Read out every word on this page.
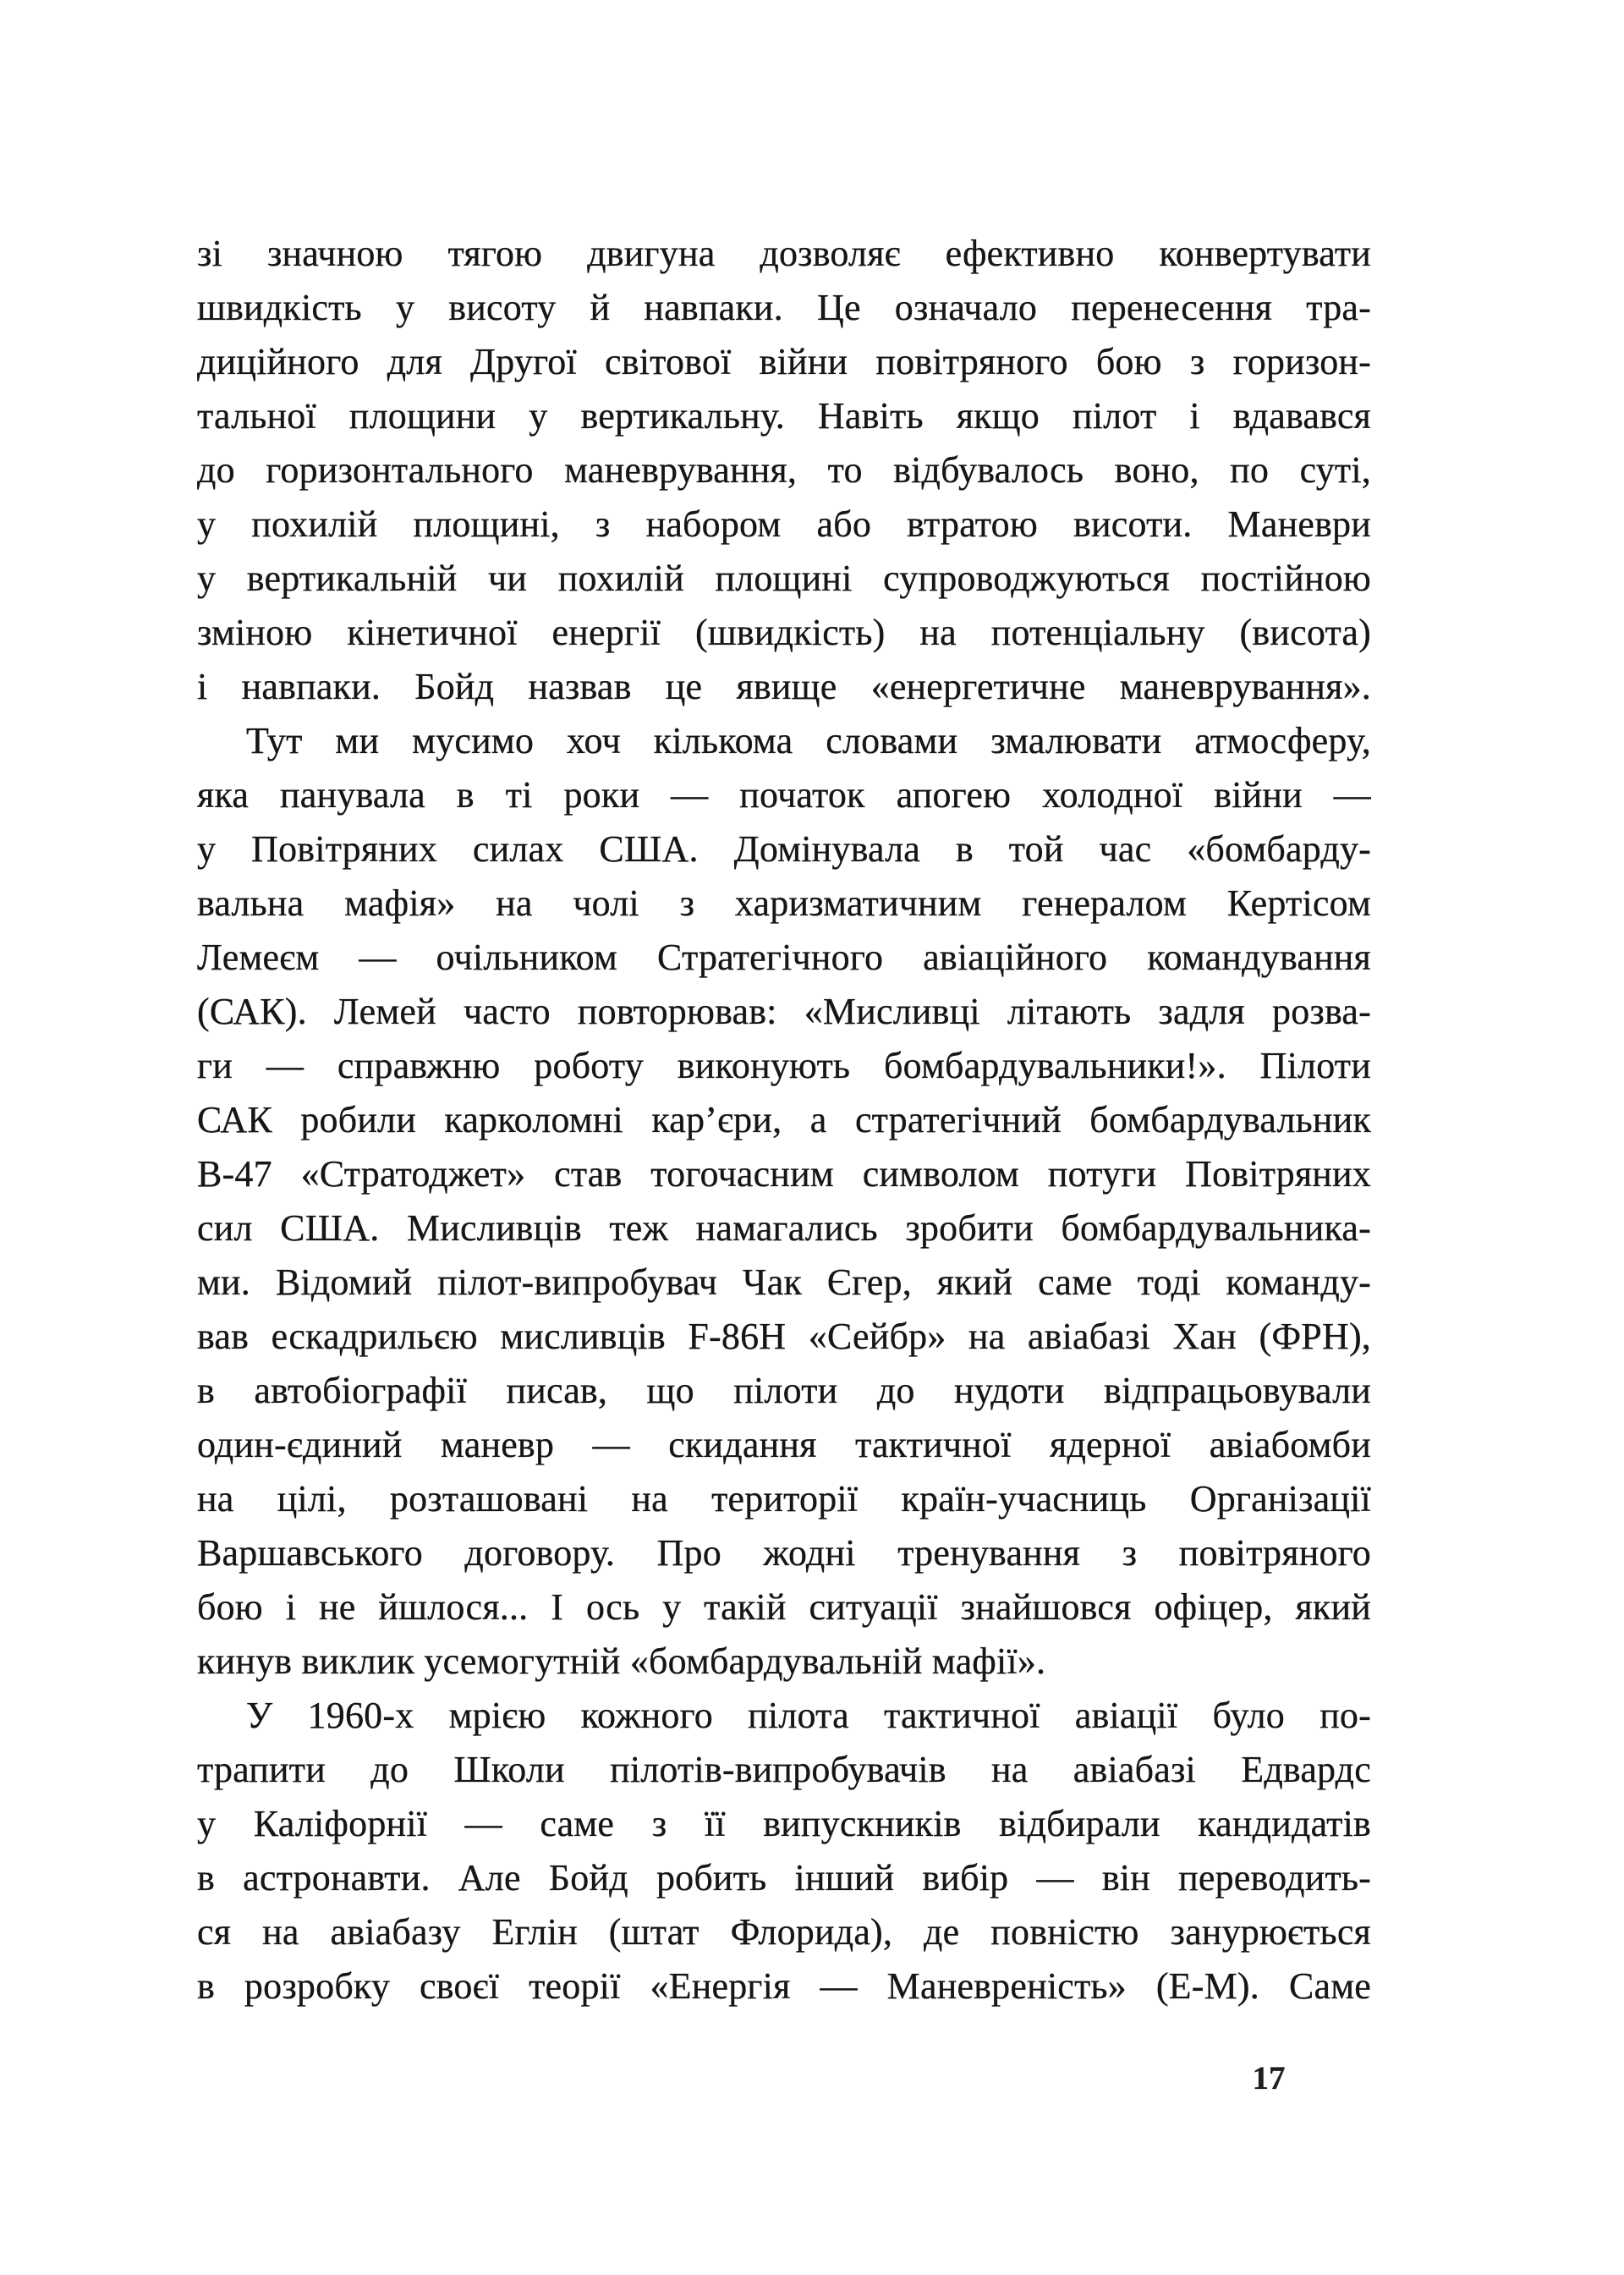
зі значною тягою двигуна дозволяє ефективно конвертувати
швидкість у висоту й навпаки. Це означало перенесення тра-
диційного для Другої світової війни повітряного бою з горизон-
тальної площини у вертикальну. Навіть якщо пілот і вдавався
до горизонтального маневрування, то відбувалось воно, по суті,
у похилій площині, з набором або втратою висоти. Маневри
у вертикальній чи похилій площині супроводжуються постійною
зміною кінетичної енергії (швидкість) на потенціальну (висота)
і навпаки. Бойд назвав це явище «енергетичне маневрування».
Тут ми мусимо хоч кількома словами змалювати атмосферу,
яка панувала в ті роки — початок апогею холодної війни —
у Повітряних силах США. Домінувала в той час «бомбарду-
вальна мафія» на чолі з харизматичним генералом Кертісом
Лемеєм — очільником Стратегічного авіаційного командування
(САК). Лемей часто повторював: «Мисливці літають задля розва-
ги — справжню роботу виконують бомбардувальники!». Пілоти
САК робили карколомні кар’єри, а стратегічний бомбардувальник
В-47 «Стратоджет» став тогочасним символом потуги Повітряних
сил США. Мисливців теж намагались зробити бомбардувальника-
ми. Відомий пілот-випробувач Чак Єгер, який саме тоді команду-
вав ескадрильєю мисливців F-86H «Сейбр» на авіабазі Хан (ФРН),
в автобіографії писав, що пілоти до нудоти відпрацьовували
один-єдиний маневр — скидання тактичної ядерної авіабомби
на цілі, розташовані на території країн-учасниць Організації
Варшавського договору. Про жодні тренування з повітряного
бою і не йшлося... І ось у такій ситуації знайшовся офіцер, який
кинув виклик усемогутній «бомбардувальній мафії».
У 1960-х мрією кожного пілота тактичної авіації було по-
трапити до Школи пілотів-випробувачів на авіабазі Едвардс
у Каліфорнії — саме з її випускників відбирали кандидатів
в астронавти. Але Бойд робить інший вибір — він переводить-
ся на авіабазу Еглін (штат Флорида), де повністю занурюється
в розробку своєї теорії «Енергія — Маневреність» (Е-М). Саме
17
